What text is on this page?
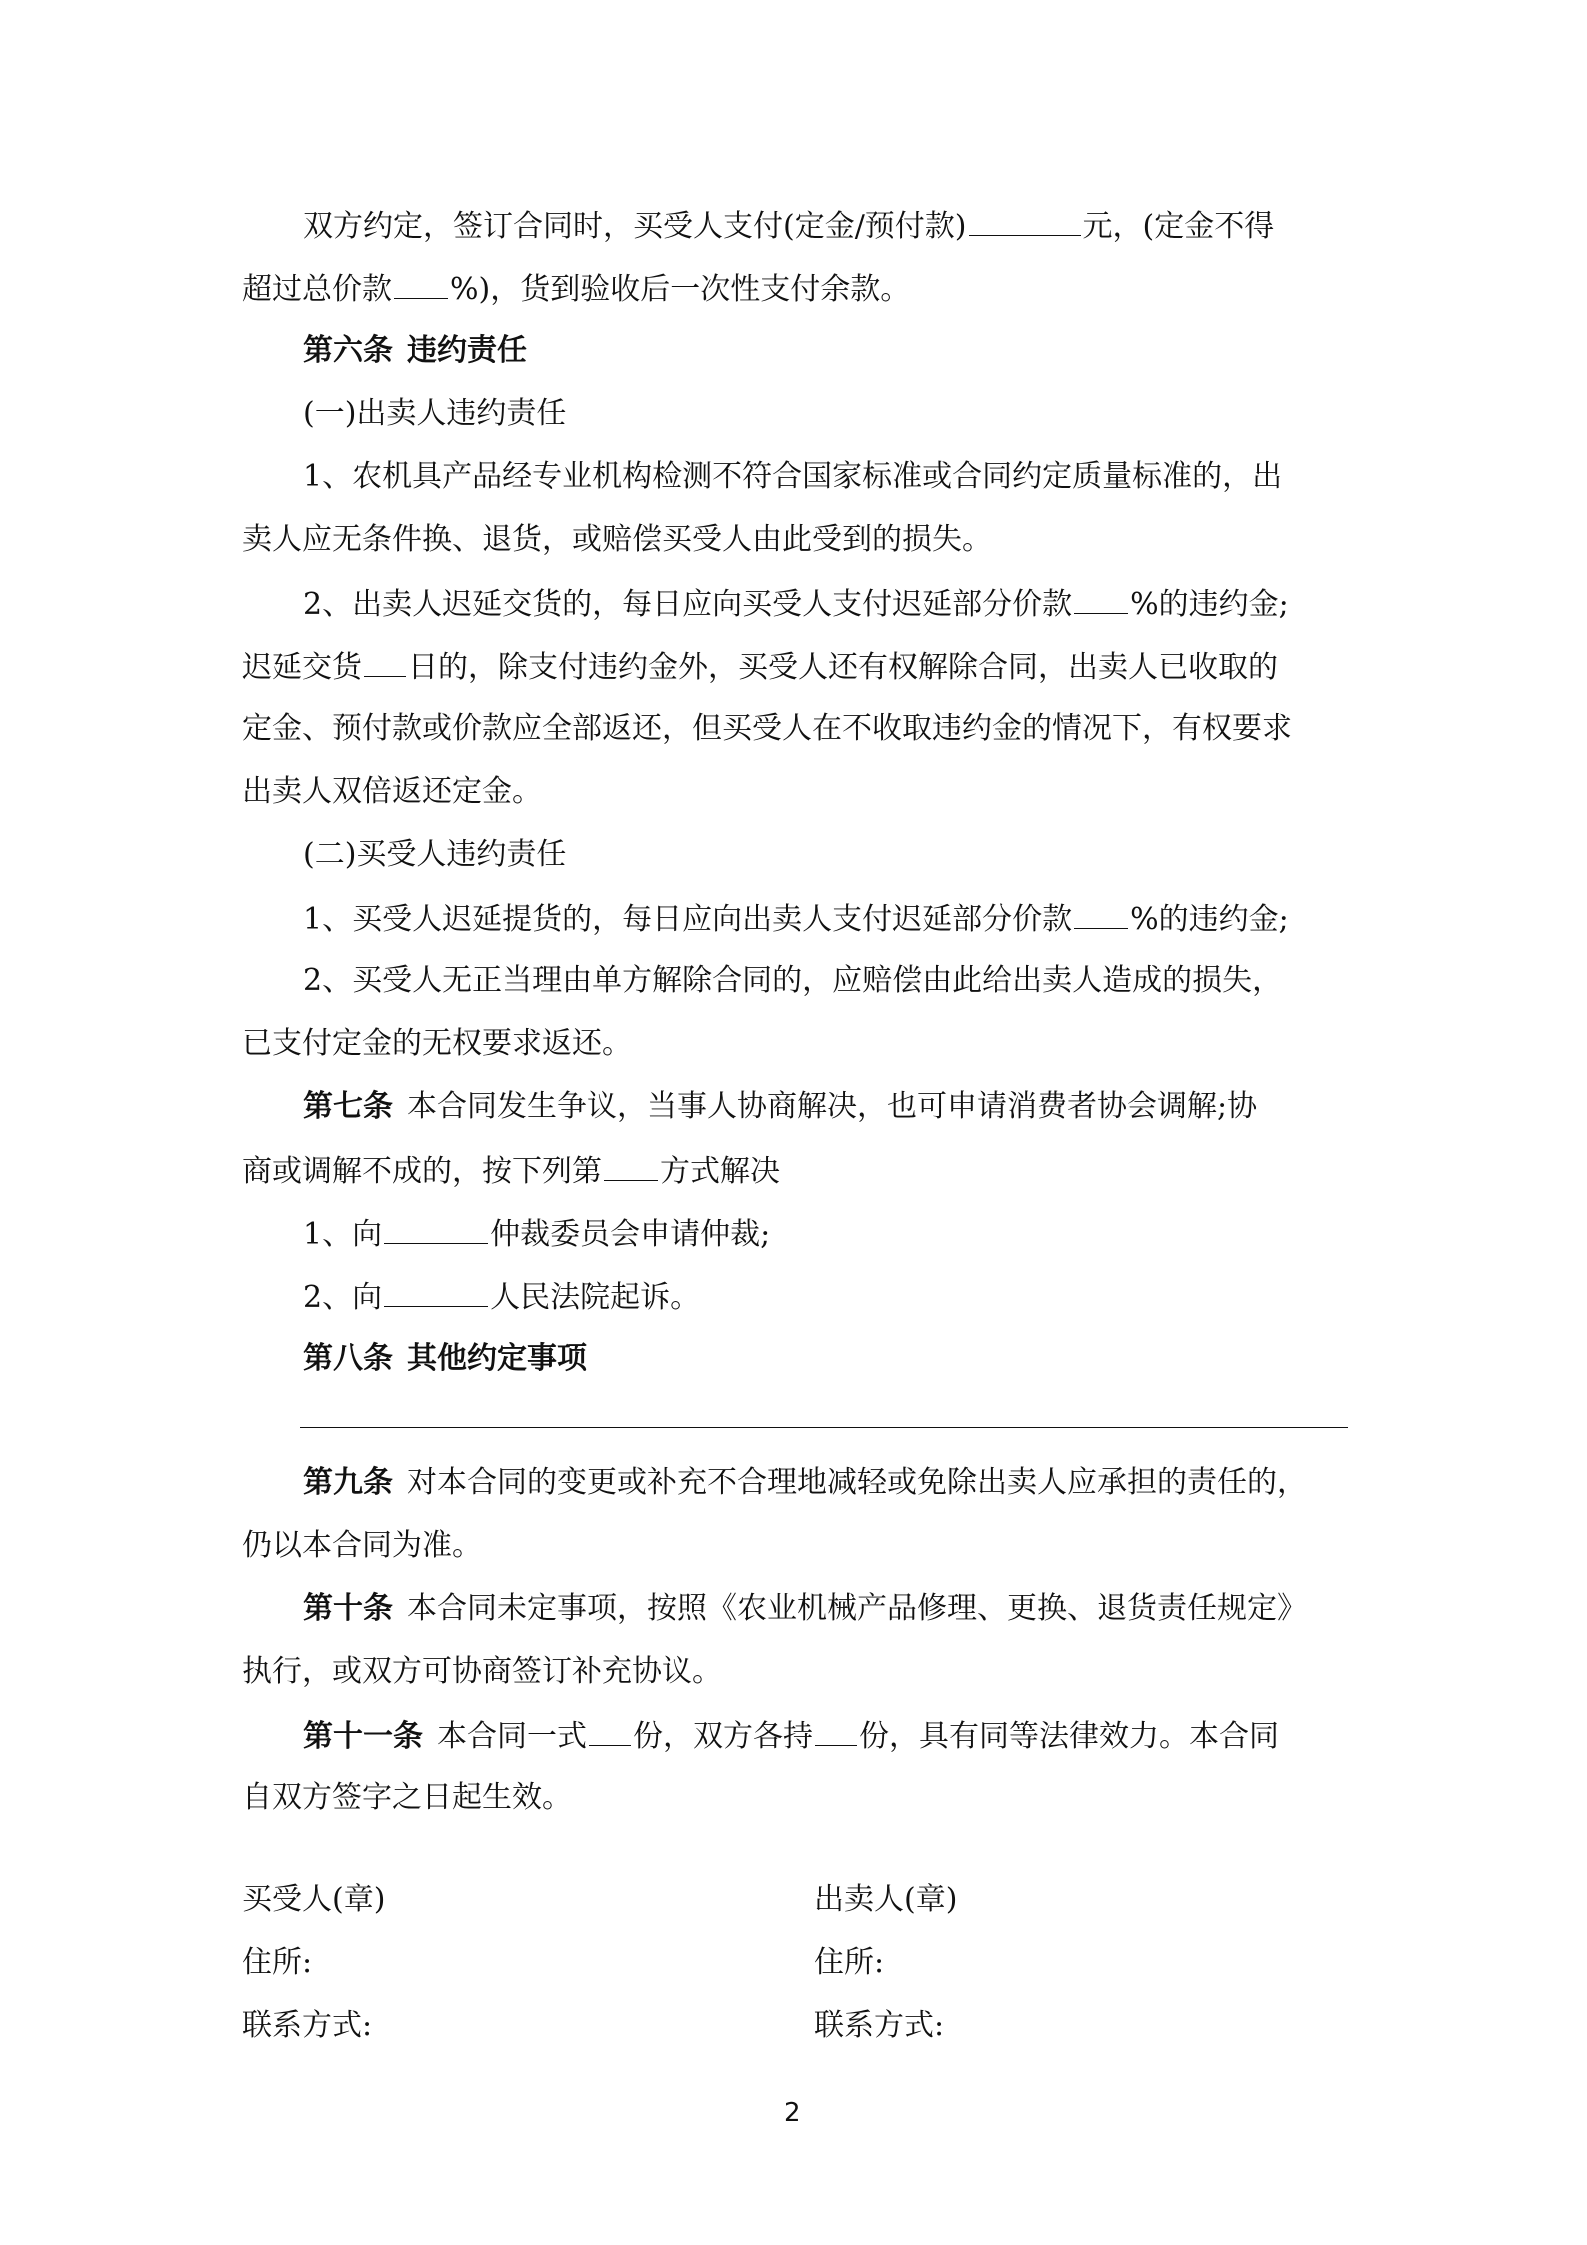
双方约定，签订合同时，买受人支付(定金/预付款)	元，(定金不得
超过总价款 %)，货到验收后一次性支付余款。
第六条 违约责任
(一)出卖人违约责任
1、农机具产品经专业机构检测不符合国家标准或合同约定质量标准的，出
卖人应无条件换、退货，或赔偿买受人由此受到的损失。
2、出卖人迟延交货的，每日应向买受人支付迟延部分价款 %的违约金;
迟延交货 日的，除支付违约金外，买受人还有权解除合同，出卖人已收取的
定金、预付款或价款应全部返还，但买受人在不收取违约金的情况下，有权要求
出卖人双倍返还定金。
(二)买受人违约责任
1、买受人迟延提货的，每日应向出卖人支付迟延部分价款 %的违约金;
2、买受人无正当理由单方解除合同的，应赔偿由此给出卖人造成的损失，
已支付定金的无权要求返还。
第七条 本合同发生争议，当事人协商解决，也可申请消费者协会调解;协
商或调解不成的，按下列第 方式解决
1、向	仲裁委员会申请仲裁;
2、向	人民法院起诉。
第八条 其他约定事项
第九条 对本合同的变更或补充不合理地减轻或免除出卖人应承担的责任的，
仍以本合同为准。
第十条 本合同未定事项，按照《农业机械产品修理、更换、退货责任规定》
执行，或双方可协商签订补充协议。
第十一条 本合同一式 份，双方各持 份，具有同等法律效力。本合同
自双方签字之日起生效。
买受人(章)	出卖人(章)
住所:	住所:
联系方式:	联系方式:
2
